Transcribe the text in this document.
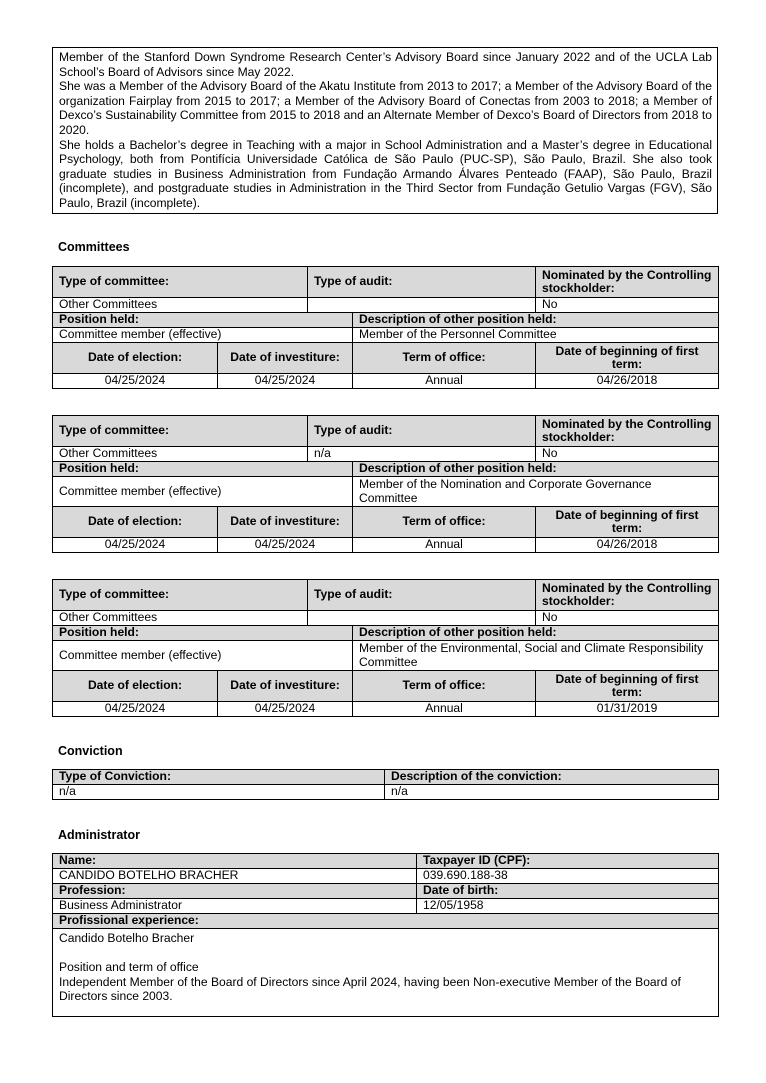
Member of the Stanford Down Syndrome Research Center’s Advisory Board since January 2022 and of the UCLA Lab School’s Board of Advisors since May 2022.

She was a Member of the Advisory Board of the Akatu Institute from 2013 to 2017; a Member of the Advisory Board of the organization Fairplay from 2015 to 2017; a Member of the Advisory Board of Conectas from 2003 to 2018; a Member of Dexco’s Sustainability Committee from 2015 to 2018 and an Alternate Member of Dexco’s Board of Directors from 2018 to 2020.

She holds a Bachelor’s degree in Teaching with a major in School Administration and a Master’s degree in Educational Psychology, both from Pontifícia Universidade Católica de São Paulo (PUC-SP), São Paulo, Brazil. She also took graduate studies in Business Administration from Fundação Armando Álvares Penteado (FAAP), São Paulo, Brazil (incomplete), and postgraduate studies in Administration in the Third Sector from Fundação Getulio Vargas (FGV), São Paulo, Brazil (incomplete).

Committees
Type of committee:		Type of audit:		Nominated by the Controlling stockholder:
Other Committees				No
Position held:			Description of other position held:	
Committee member (effective)			Member of the Personnel Committee	
Date of election:	Date of investiture:		Term of office:	Date of beginning of first term:
04/25/2024	04/25/2024		Annual	04/26/2018
Type of committee:		Type of audit:		Nominated by the Controlling stockholder:
Other Committees		n/a		No
Position held:			Description of other position held:	
Committee member (effective)			Member of the Nomination and Corporate Governance Committee	
Date of election:	Date of investiture:		Term of office:	Date of beginning of first term:
04/25/2024	04/25/2024		Annual	04/26/2018
Type of committee:		Type of audit:		Nominated by the Controlling stockholder:
Other Committees				No
Position held:			Description of other position held:	
Committee member (effective)			Member of the Environmental, Social and Climate Responsibility Committee	
Date of election:	Date of investiture:		Term of office:	Date of beginning of first term:
04/25/2024	04/25/2024		Annual	01/31/2019
Conviction
Type of Conviction:	Description of the conviction:
n/a	n/a
Administrator
Name:	Taxpayer ID (CPF):
CANDIDO BOTELHO BRACHER	039.690.188-38
Profession:	Date of birth:
Business Administrator	12/05/1958
Profissional experience:	

Candido Botelho Bracher
Position and term of office
Independent Member of the Board of Directors since April 2024, having been Non-executive Member of the Board of Directors since 2003.	
